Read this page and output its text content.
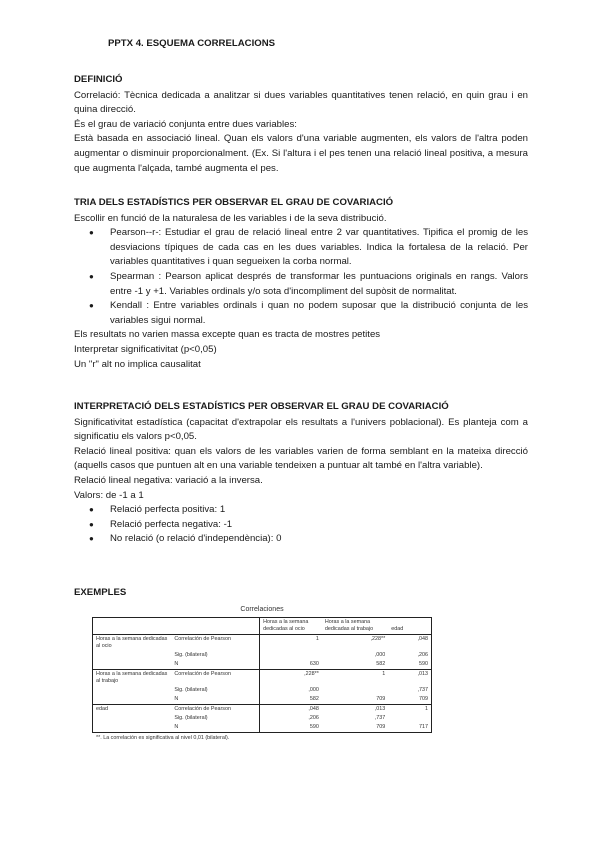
PPTX 4. ESQUEMA CORRELACIONS
DEFINICIÓ

Correlació: Tècnica dedicada a analitzar si dues variables quantitatives tenen relació, en quin grau i en quina direcció.

És el grau de variació conjunta entre dues variables:

Està basada en associació lineal. Quan els valors d'una variable augmenten, els valors de l'altra poden augmentar o disminuir proporcionalment. (Ex. Si l'altura i el pes tenen una relació lineal positiva, a mesura que augmenta l'alçada, també augmenta el pes.

TRIA DELS ESTADÍSTICS PER OBSERVAR EL GRAU DE COVARIACIÓ

Escollir en funció de la naturalesa de les variables i de la seva distribució.

● Pearson--r-: Estudiar el grau de relació lineal entre 2 var quantitatives. Tipifica el promig de les desviacions típiques de cada cas en les dues variables. Indica la fortalesa de la relació. Per variables quantitatives i quan segueixen la corba normal.
● Spearman : Pearson aplicat després de transformar les puntuacions originals en rangs. Valors entre -1 y +1. Variables ordinals y/o sota d'incompliment del supòsit de normalitat.
● Kendall : Entre variables ordinals i quan no podem suposar que la distribució conjunta de les variables sigui normal.

Els resultats no varien massa excepte quan es tracta de mostres petites

Interpretar significativitat (p<0,05)

Un "r" alt no implica causalitat

INTERPRETACIÓ DELS ESTADÍSTICS PER OBSERVAR EL GRAU DE COVARIACIÓ

Significativitat estadística (capacitat d'extrapolar els resultats a l'univers poblacional). Es planteja com a significatiu els valors p<0,05.

Relació lineal positiva: quan els valors de les variables varien de forma semblant en la mateixa direcció (aquells casos que puntuen alt en una variable tendeixen a puntuar alt també en l'altra variable).

Relació lineal negativa: variació a la inversa.

Valors: de -1 a 1

● Relació perfecta positiva: 1
● Relació perfecta negativa: -1
● No relació (o relació d'independència): 0
EXEMPLES
Correlaciones
		Horas a la semana dedicadas al ocio	Horas a la semana dedicadas al trabajo	edad
Horas a la semana dedicadas al ocio	Correlación de Pearson	1	,228**	,048
	Sig. (bilateral)		,000	,206
	N	630	582	590
Horas a la semana dedicadas al trabajo	Correlación de Pearson	,228**	1	,013
	Sig. (bilateral)	,000		,737
	N	582	709	709
edad	Correlación de Pearson	,048	,013	1
	Sig. (bilateral)	,206	,737	
	N	590	709	717
**. La correlación es significativa al nivel 0,01 (bilateral).
